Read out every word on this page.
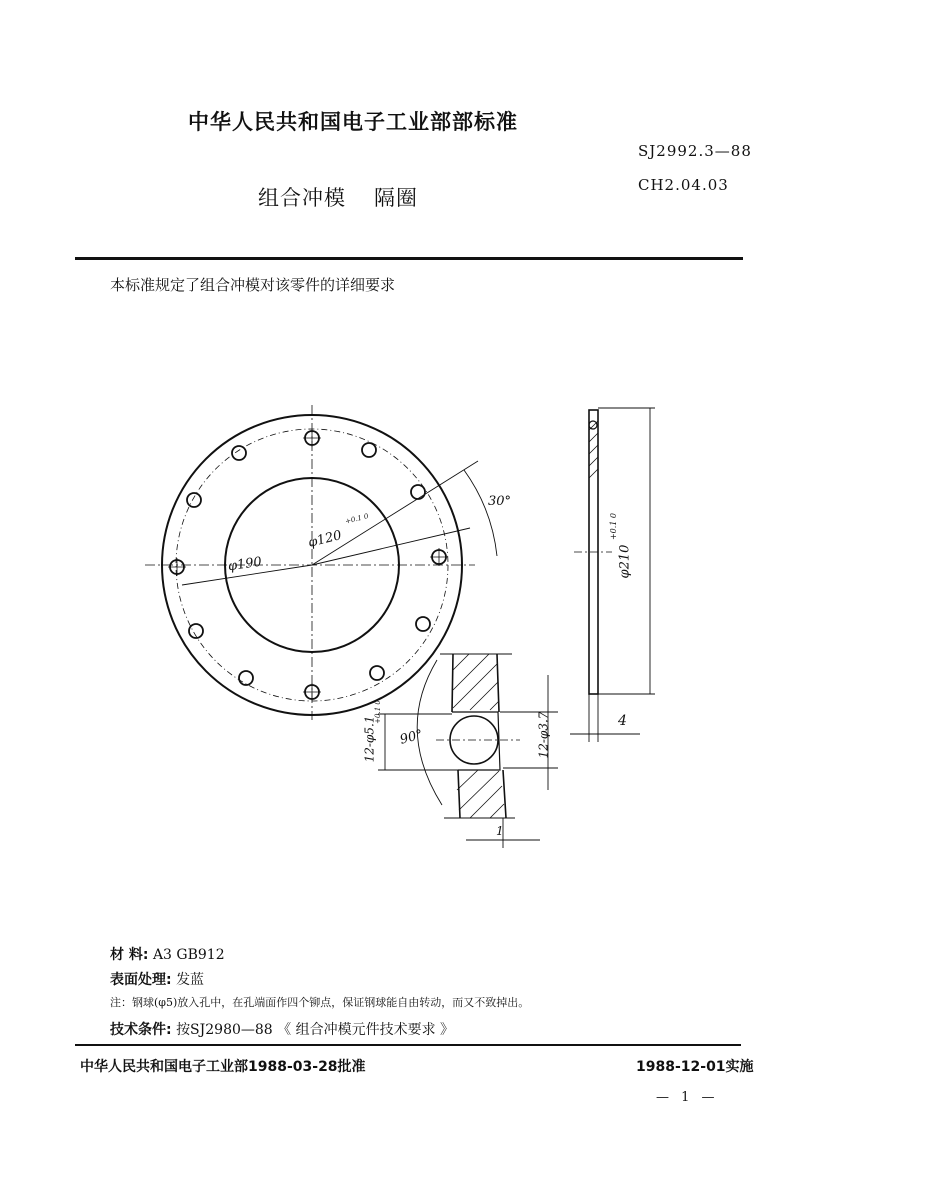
中华人民共和国电子工业部部标准
SJ2992.3—88
CH2.04.03
组合冲模 隔圈
本标准规定了组合冲模对该零件的详细要求
φ190
φ120
+0.1 0
30°
φ210
+0.1 0
4
12-φ5.1
+0.1 0
90°	12-φ3.7
1
材 料: A3 GB912
表面处理: 发蓝
注：钢球(φ5)放入孔中，在孔端面作四个铆点，保证钢球能自由转动，而又不致掉出。
技术条件: 按SJ2980—88 《 组合冲模元件技术要求 》
中华人民共和国电子工业部1988-03-28批准	1988-12-01实施
— 1 —
